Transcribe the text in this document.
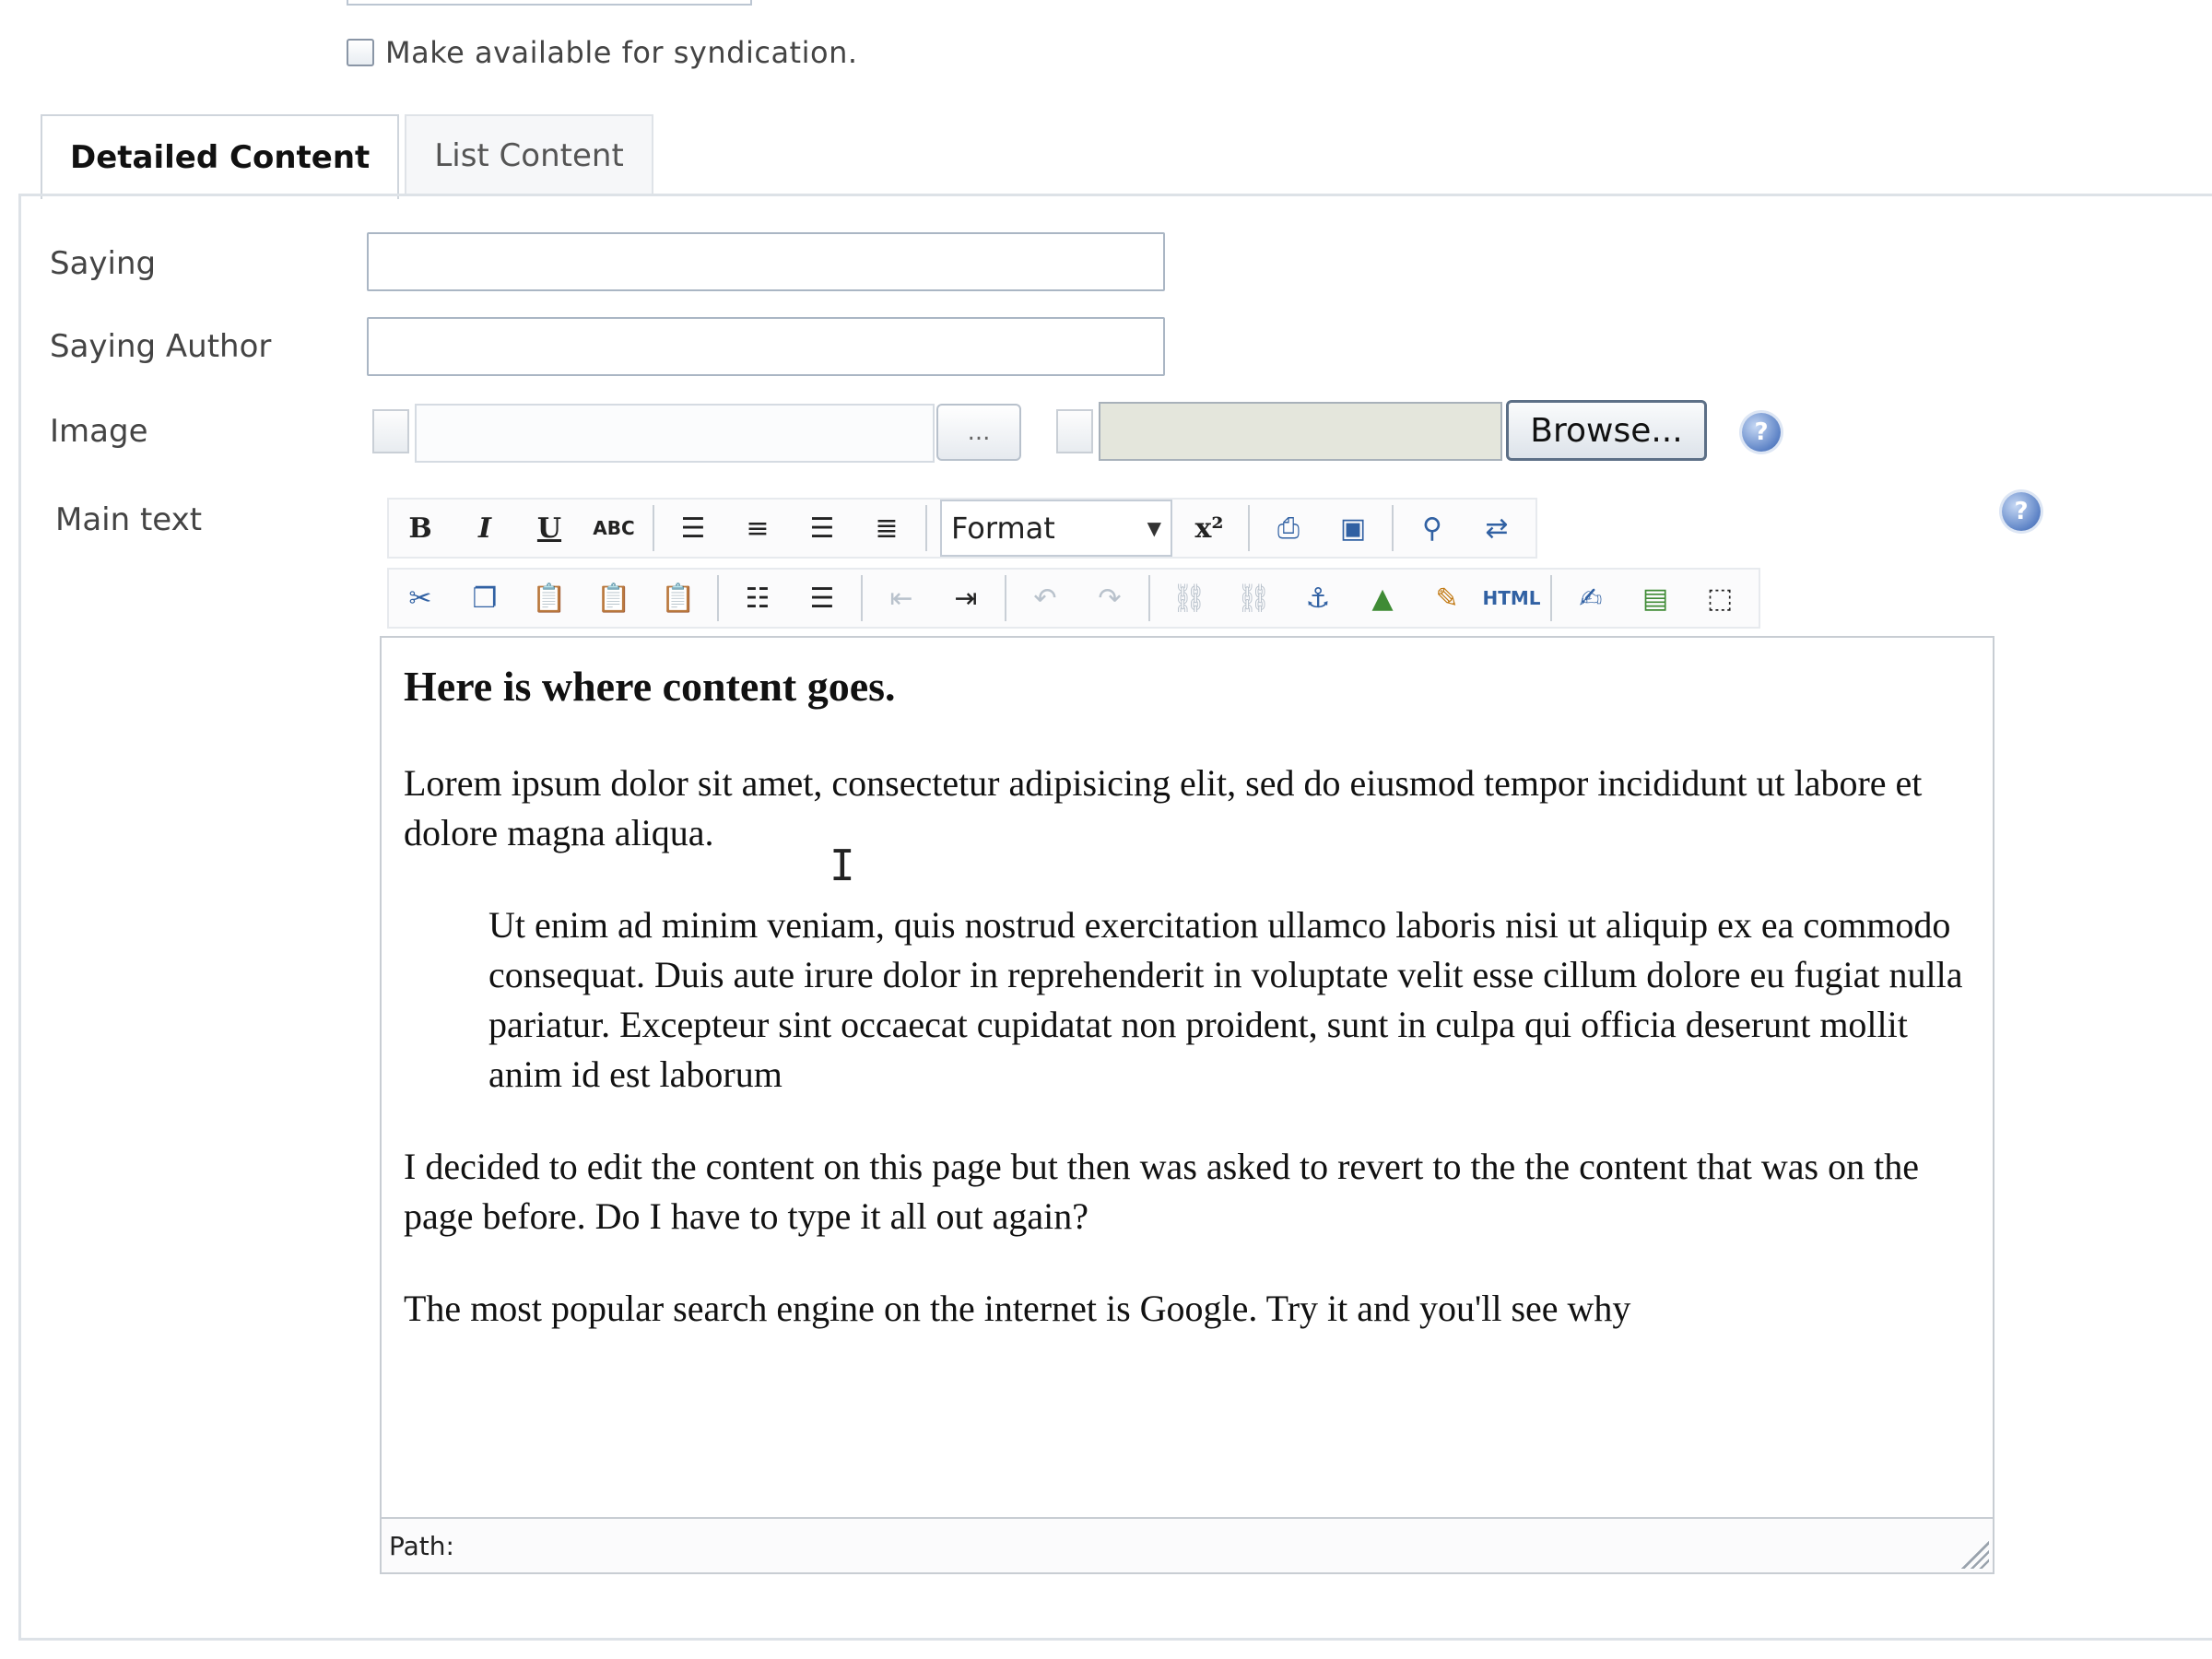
Make available for syndication.
Detailed Content	List Content
Saying
Saying Author
Image	...	Browse...	?
Main text	?
B	I	U	ABC	☰	≡	☰	≣	Format	▼	x²	⎙	▣	⚲	⇄
✂	❐	📋	📋	📋	☷	☰	⇤	⇥	↶	↷	⛓ ⛓	⚓	▲	✎	HTML	✍	▤	⬚
Here is where content goes.

Lorem ipsum dolor sit amet, consectetur adipisicing elit, sed do eiusmod tempor incididunt ut labore et dolore magna aliqua.

Ut enim ad minim veniam, quis nostrud exercitation ullamco laboris nisi ut aliquip ex ea commodo consequat. Duis aute irure dolor in reprehenderit in voluptate velit esse cillum dolore eu fugiat nulla pariatur. Excepteur sint occaecat cupidatat non proident, sunt in culpa qui officia deserunt mollit anim id est laborum

I decided to edit the content on this page but then was asked to revert to the the content that was on the page before. Do I have to type it all out again?

The most popular search engine on the internet is Google. Try it and you'll see why

I
Path:
